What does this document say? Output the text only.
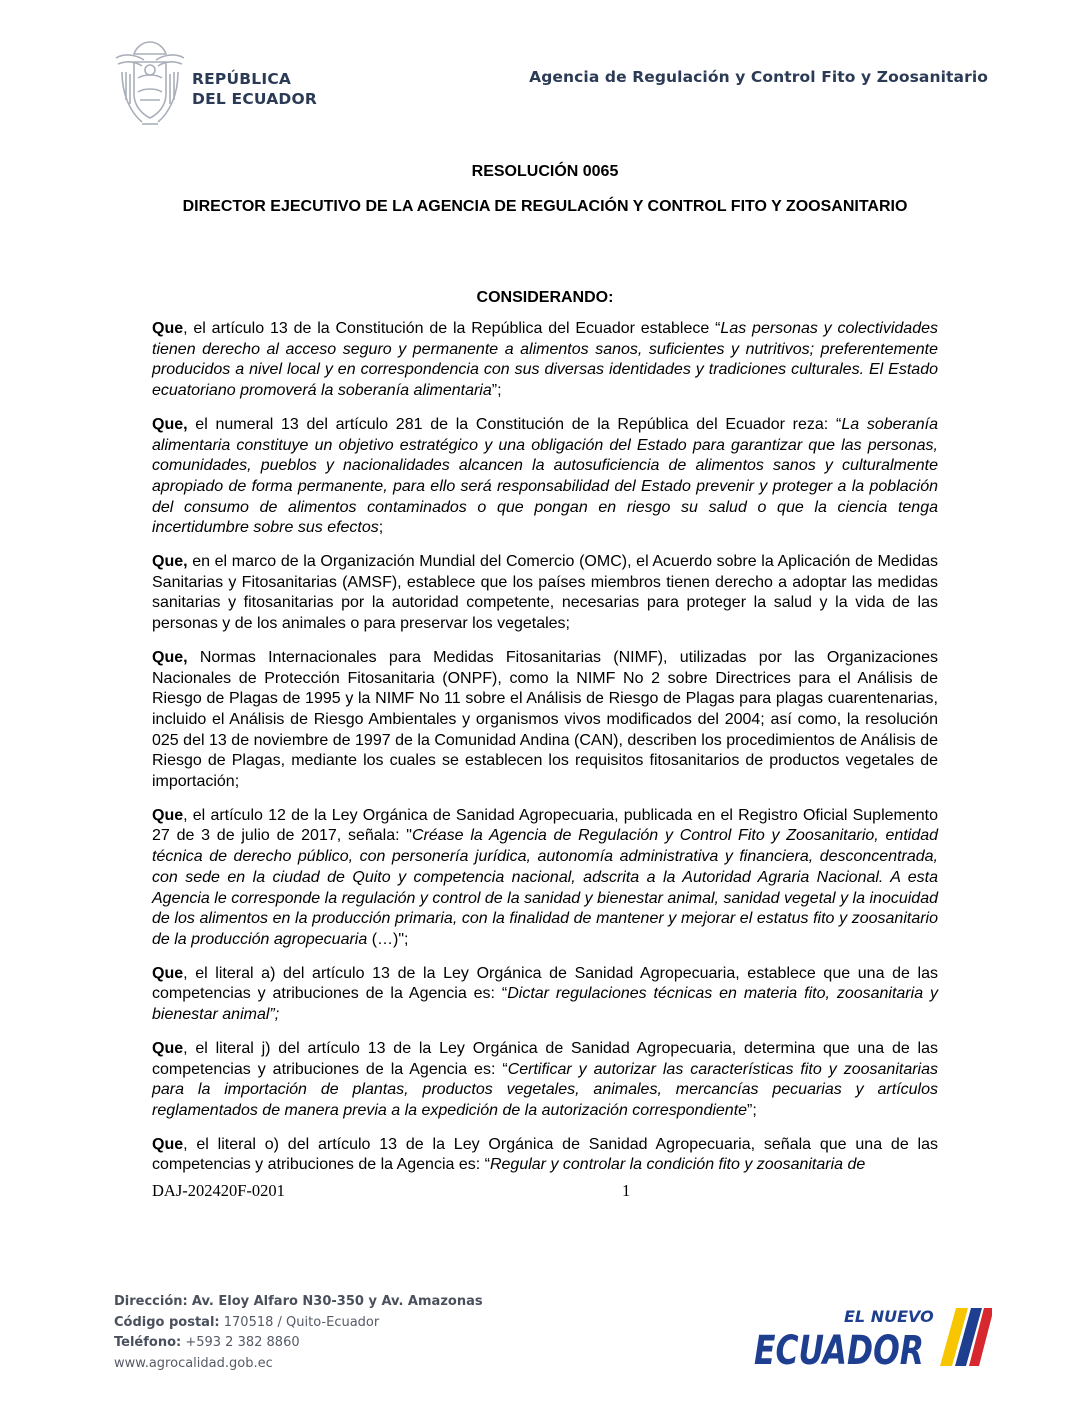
REPÚBLICA
DEL ECUADOR
Agencia de Regulación y Control Fito y Zoosanitario
RESOLUCIÓN 0065
DIRECTOR EJECUTIVO DE LA AGENCIA DE REGULACIÓN Y CONTROL FITO Y ZOOSANITARIO
CONSIDERANDO:

Que, el artículo 13 de la Constitución de la República del Ecuador establece “Las personas y colectividades tienen derecho al acceso seguro y permanente a alimentos sanos, suficientes y nutritivos; preferentemente producidos a nivel local y en correspondencia con sus diversas identidades y tradiciones culturales. El Estado ecuatoriano promoverá la soberanía alimentaria”;

Que, el numeral 13 del artículo 281 de la Constitución de la República del Ecuador reza: “La soberanía alimentaria constituye un objetivo estratégico y una obligación del Estado para garantizar que las personas, comunidades, pueblos y nacionalidades alcancen la autosuficiencia de alimentos sanos y culturalmente apropiado de forma permanente, para ello será responsabilidad del Estado prevenir y proteger a la población del consumo de alimentos contaminados o que pongan en riesgo su salud o que la ciencia tenga incertidumbre sobre sus efectos;

Que, en el marco de la Organización Mundial del Comercio (OMC), el Acuerdo sobre la Aplicación de Medidas Sanitarias y Fitosanitarias (AMSF), establece que los países miembros tienen derecho a adoptar las medidas sanitarias y fitosanitarias por la autoridad competente, necesarias para proteger la salud y la vida de las personas y de los animales o para preservar los vegetales;

Que, Normas Internacionales para Medidas Fitosanitarias (NIMF), utilizadas por las Organizaciones Nacionales de Protección Fitosanitaria (ONPF), como la NIMF No 2 sobre Directrices para el Análisis de Riesgo de Plagas de 1995 y la NIMF No 11 sobre el Análisis de Riesgo de Plagas para plagas cuarentenarias, incluido el Análisis de Riesgo Ambientales y organismos vivos modificados del 2004; así como, la resolución 025 del 13 de noviembre de 1997 de la Comunidad Andina (CAN), describen los procedimientos de Análisis de Riesgo de Plagas, mediante los cuales se establecen los requisitos fitosanitarios de productos vegetales de importación;

Que, el artículo 12 de la Ley Orgánica de Sanidad Agropecuaria, publicada en el Registro Oficial Suplemento 27 de 3 de julio de 2017, señala: "Créase la Agencia de Regulación y Control Fito y Zoosanitario, entidad técnica de derecho público, con personería jurídica, autonomía administrativa y financiera, desconcentrada, con sede en la ciudad de Quito y competencia nacional, adscrita a la Autoridad Agraria Nacional. A esta Agencia le corresponde la regulación y control de la sanidad y bienestar animal, sanidad vegetal y la inocuidad de los alimentos en la producción primaria, con la finalidad de mantener y mejorar el estatus fito y zoosanitario de la producción agropecuaria (…)";

Que, el literal a) del artículo 13 de la Ley Orgánica de Sanidad Agropecuaria, establece que una de las competencias y atribuciones de la Agencia es: “Dictar regulaciones técnicas en materia fito, zoosanitaria y bienestar animal”;

Que, el literal j) del artículo 13 de la Ley Orgánica de Sanidad Agropecuaria, determina que una de las competencias y atribuciones de la Agencia es: “Certificar y autorizar las características fito y zoosanitarias para la importación de plantas, productos vegetales, animales, mercancías pecuarias y artículos reglamentados de manera previa a la expedición de la autorización correspondiente”;

Que, el literal o) del artículo 13 de la Ley Orgánica de Sanidad Agropecuaria, señala que una de las competencias y atribuciones de la Agencia es: “Regular y controlar la condición fito y zoosanitaria de

DAJ-202420F-0201	1
Dirección: Av. Eloy Alfaro N30-350 y Av. Amazonas
Código postal: 170518 / Quito-Ecuador
Teléfono: +593 2 382 8860
www.agrocalidad.gob.ec
EL NUEVO
ECUADOR
